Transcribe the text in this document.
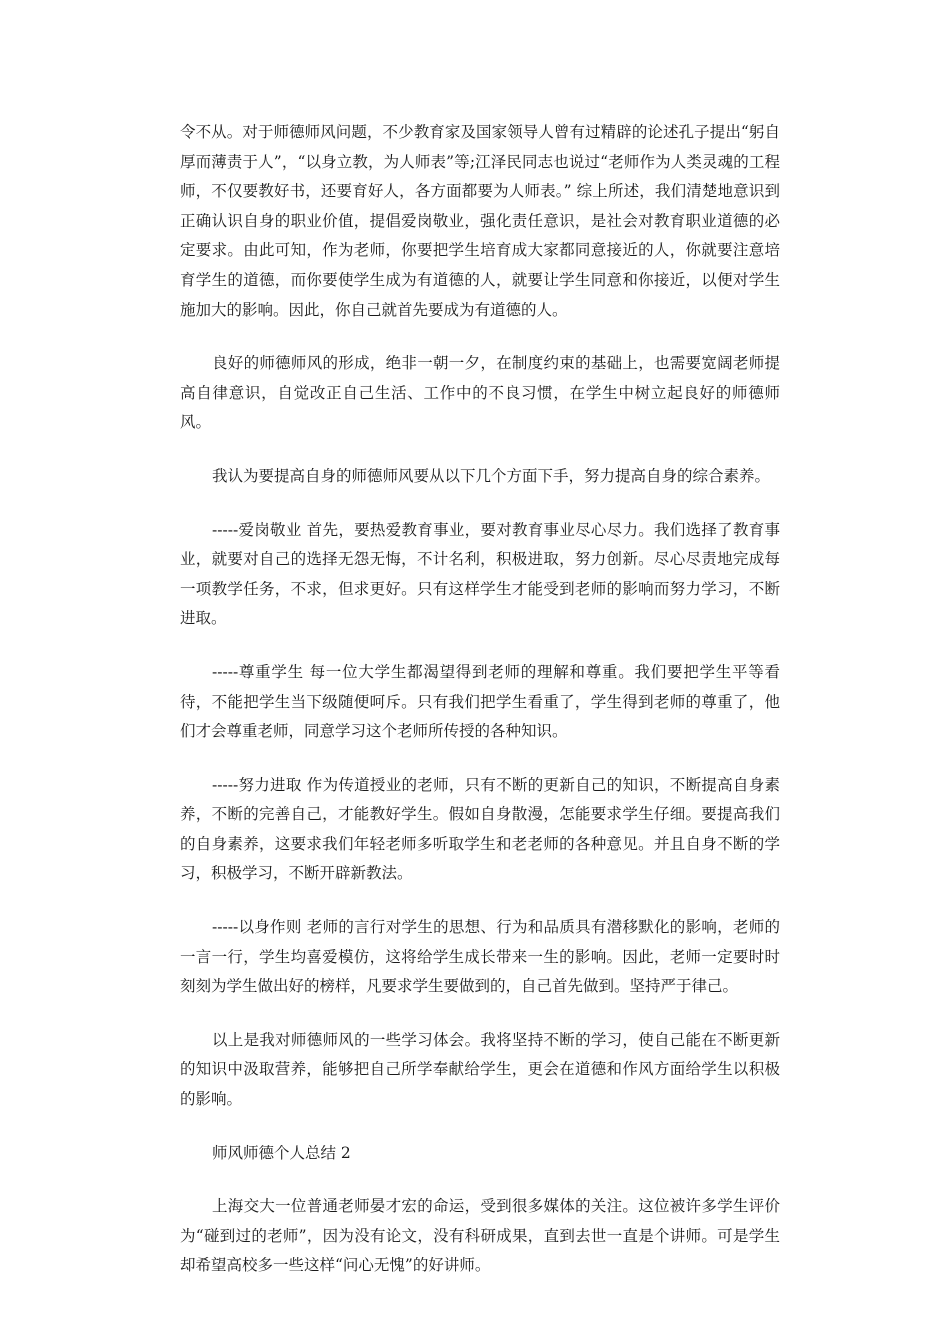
令不从。对于师德师风问题，不少教育家及国家领导人曾有过精辟的论述孔子提出“躬自厚而薄责于人”，“以身立教，为人师表”等;江泽民同志也说过“老师作为人类灵魂的工程师，不仅要教好书，还要育好人，各方面都要为人师表。” 综上所述，我们清楚地意识到正确认识自身的职业价值，提倡爱岗敬业，强化责任意识，是社会对教育职业道德的必定要求。由此可知，作为老师，你要把学生培育成大家都同意接近的人，你就要注意培育学生的道德，而你要使学生成为有道德的人，就要让学生同意和你接近，以便对学生施加大的影响。因此，你自己就首先要成为有道德的人。

良好的师德师风的形成，绝非一朝一夕，在制度约束的基础上，也需要宽阔老师提高自律意识，自觉改正自己生活、工作中的不良习惯，在学生中树立起良好的师德师风。

我认为要提高自身的师德师风要从以下几个方面下手，努力提高自身的综合素养。

-----爱岗敬业 首先，要热爱教育事业，要对教育事业尽心尽力。我们选择了教育事业，就要对自己的选择无怨无悔，不计名利，积极进取，努力创新。尽心尽责地完成每一项教学任务，不求，但求更好。只有这样学生才能受到老师的影响而努力学习，不断进取。

-----尊重学生 每一位大学生都渴望得到老师的理解和尊重。我们要把学生平等看待，不能把学生当下级随便呵斥。只有我们把学生看重了，学生得到老师的尊重了，他们才会尊重老师，同意学习这个老师所传授的各种知识。

-----努力进取 作为传道授业的老师，只有不断的更新自己的知识，不断提高自身素养，不断的完善自己，才能教好学生。假如自身散漫，怎能要求学生仔细。要提高我们的自身素养，这要求我们年轻老师多听取学生和老老师的各种意见。并且自身不断的学习，积极学习，不断开辟新教法。

-----以身作则 老师的言行对学生的思想、行为和品质具有潜移默化的影响，老师的一言一行，学生均喜爱模仿，这将给学生成长带来一生的影响。因此，老师一定要时时刻刻为学生做出好的榜样，凡要求学生要做到的，自己首先做到。坚持严于律己。

以上是我对师德师风的一些学习体会。我将坚持不断的学习，使自己能在不断更新的知识中汲取营养，能够把自己所学奉献给学生，更会在道德和作风方面给学生以积极的影响。

师风师德个人总结 2

上海交大一位普通老师晏才宏的命运，受到很多媒体的关注。这位被许多学生评价为“碰到过的老师”，因为没有论文，没有科研成果，直到去世一直是个讲师。可是学生却希望高校多一些这样“问心无愧”的好讲师。
